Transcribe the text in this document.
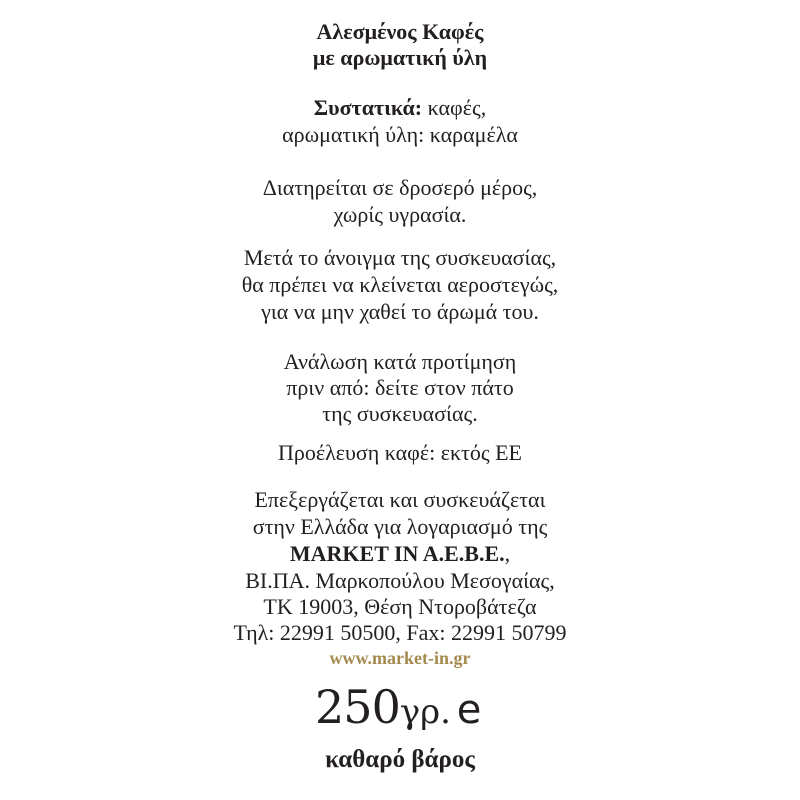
Αλεσμένος Καφές
με αρωματική ύλη
Συστατικά: καφές,
αρωματική ύλη: καραμέλα
Διατηρείται σε δροσερό μέρος,
χωρίς υγρασία.
Μετά το άνοιγμα της συσκευασίας,
θα πρέπει να κλείνεται αεροστεγώς,
για να μην χαθεί το άρωμά του.
Ανάλωση κατά προτίμηση
πριν από: δείτε στον πάτο
της συσκευασίας.
Προέλευση καφέ: εκτός ΕΕ
Επεξεργάζεται και συσκευάζεται
στην Ελλάδα για λογαριασμό της
MARKET IN A.E.B.E.,
ΒΙ.ΠΑ. Μαρκοπούλου Μεσογαίας,
ΤΚ 19003, Θέση Ντοροβάτεζα
Τηλ: 22991 50500, Fax: 22991 50799
www.market-in.gr
250γρ. e
καθαρό βάρος
